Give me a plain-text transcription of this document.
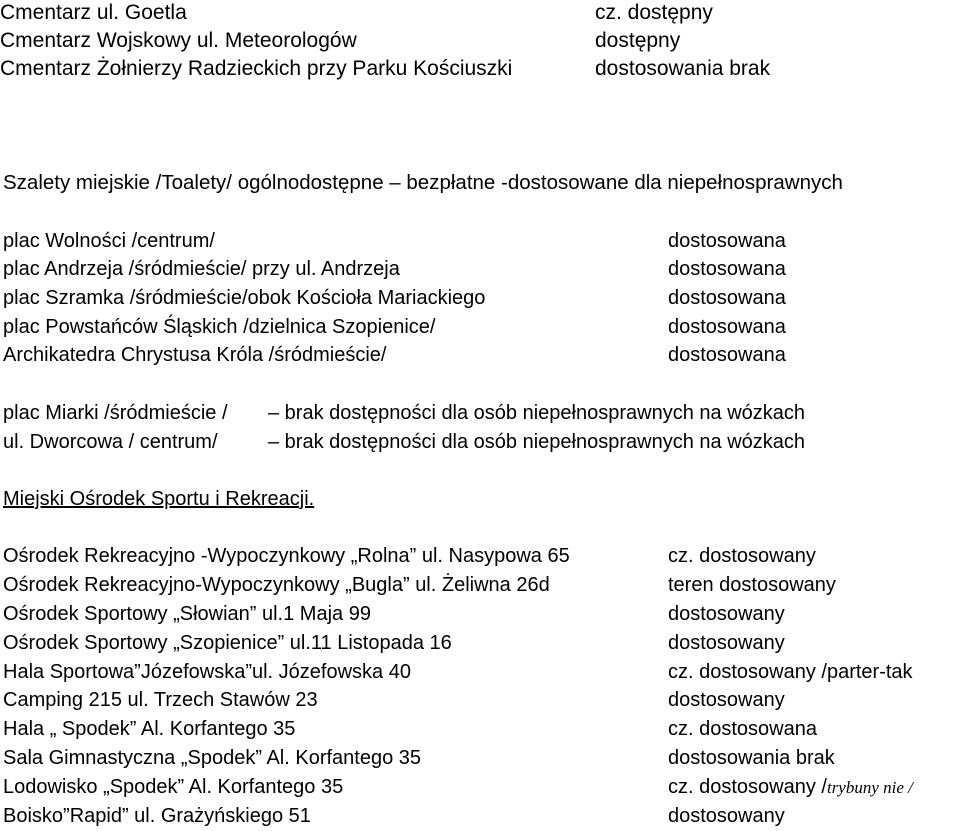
Cmentarz ul. Goetla	cz. dostępny
Cmentarz Wojskowy ul. Meteorologów	dostępny
Cmentarz Żołnierzy Radzieckich przy Parku Kościuszki	dostosowania brak
Szalety miejskie /Toalety/ ogólnodostępne – bezpłatne -dostosowane dla niepełnosprawnych
plac Wolności /centrum/	dostosowana
plac Andrzeja /śródmieście/ przy ul. Andrzeja	dostosowana
plac Szramka /śródmieście/obok Kościoła Mariackiego	dostosowana
plac Powstańców Śląskich /dzielnica Szopienice/	dostosowana
Archikatedra Chrystusa Króla /śródmieście/	dostosowana
plac Miarki /śródmieście / – brak dostępności dla osób niepełnosprawnych na wózkach
ul. Dworcowa / centrum/	– brak dostępności dla osób niepełnosprawnych na wózkach
Miejski Ośrodek Sportu i Rekreacji.
Ośrodek Rekreacyjno -Wypoczynkowy „Rolna” ul. Nasypowa 65	cz. dostosowany
Ośrodek Rekreacyjno-Wypoczynkowy „Bugla” ul. Żeliwna 26d	teren dostosowany
Ośrodek Sportowy „Słowian” ul.1 Maja 99	dostosowany
Ośrodek Sportowy „Szopienice” ul.11 Listopada 16	dostosowany
Hala Sportowa”Józefowska”ul. Józefowska 40	cz. dostosowany /parter-tak
Camping 215 ul. Trzech Stawów 23	dostosowany
Hala „ Spodek” Al. Korfantego 35	cz. dostosowana
Sala Gimnastyczna „Spodek” Al. Korfantego 35	dostosowania brak
Lodowisko „Spodek” Al. Korfantego 35	cz. dostosowany /trybuny nie /
Boisko”Rapid” ul. Grażyńskiego 51	dostosowany
